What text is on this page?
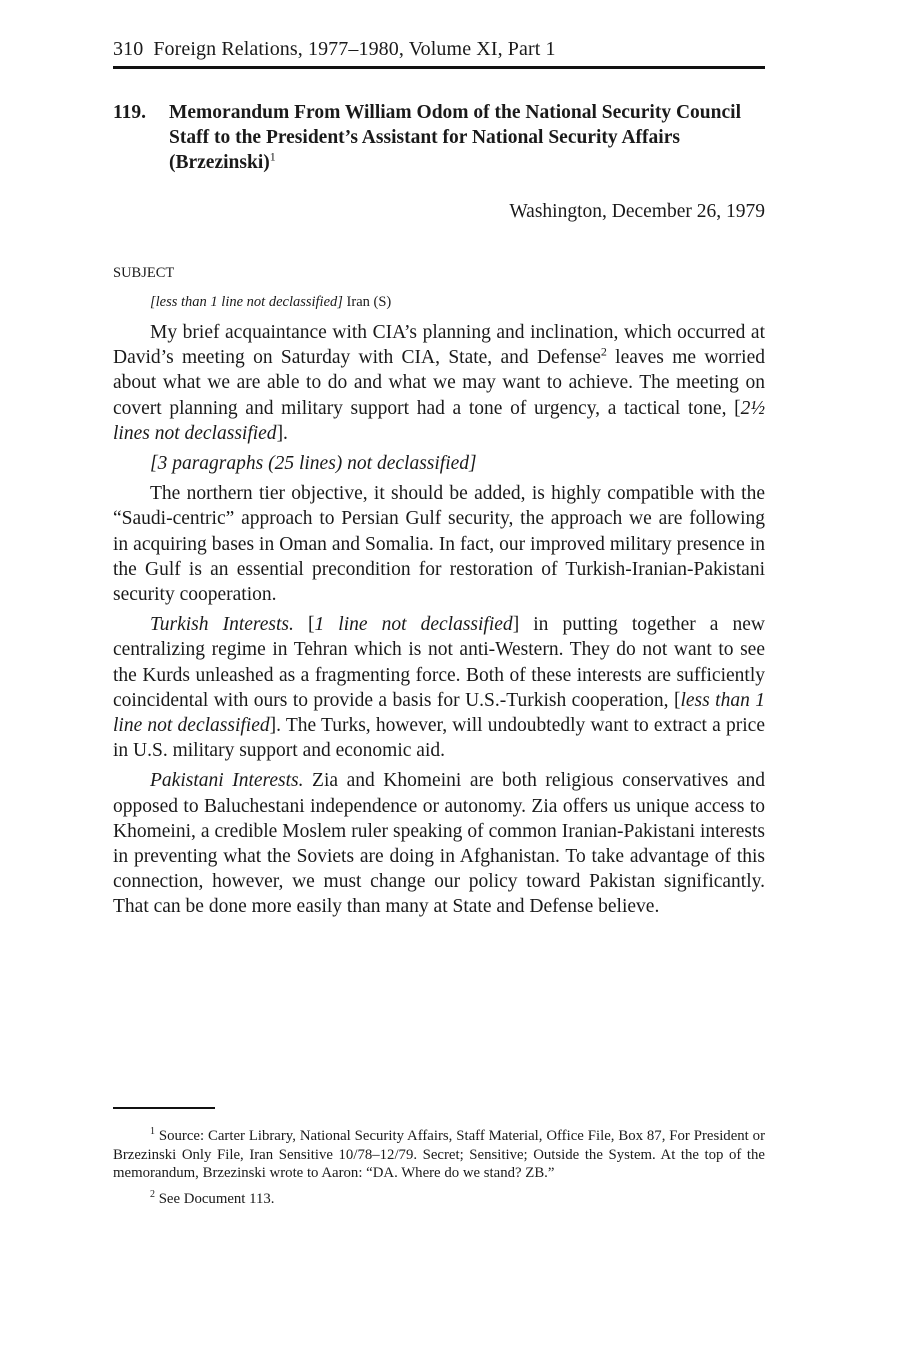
310 Foreign Relations, 1977–1980, Volume XI, Part 1
119.	Memorandum From William Odom of the National Security Council Staff to the President’s Assistant for National Security Affairs (Brzezinski)$^1$
Washington, December 26, 1979
SUBJECT
[less than 1 line not declassified] Iran (S)

My brief acquaintance with CIA’s planning and inclination, which occurred at David’s meeting on Saturday with CIA, State, and Defense$^2$ leaves me worried about what we are able to do and what we may want to achieve. The meeting on covert planning and military support had a tone of urgency, a tactical tone, [2½ lines not declassified].

[3 paragraphs (25 lines) not declassified]

The northern tier objective, it should be added, is highly compatible with the “Saudi-centric” approach to Persian Gulf security, the approach we are following in acquiring bases in Oman and Somalia. In fact, our improved military presence in the Gulf is an essential precondition for restoration of Turkish-Iranian-Pakistani security cooperation.

Turkish Interests. [1 line not declassified] in putting together a new centralizing regime in Tehran which is not anti-Western. They do not want to see the Kurds unleashed as a fragmenting force. Both of these interests are sufficiently coincidental with ours to provide a basis for U.S.-Turkish cooperation, [less than 1 line not declassified]. The Turks, however, will undoubtedly want to extract a price in U.S. military support and economic aid.

Pakistani Interests. Zia and Khomeini are both religious conservatives and opposed to Baluchestani independence or autonomy. Zia offers us unique access to Khomeini, a credible Moslem ruler speaking of common Iranian-Pakistani interests in preventing what the Soviets are doing in Afghanistan. To take advantage of this connection, however, we must change our policy toward Pakistan significantly. That can be done more easily than many at State and Defense believe.

$^1$ Source: Carter Library, National Security Affairs, Staff Material, Office File, Box 87, For President or Brzezinski Only File, Iran Sensitive 10/78–12/79. Secret; Sensitive; Outside the System. At the top of the memorandum, Brzezinski wrote to Aaron: “DA. Where do we stand? ZB.”

$^2$ See Document 113.
